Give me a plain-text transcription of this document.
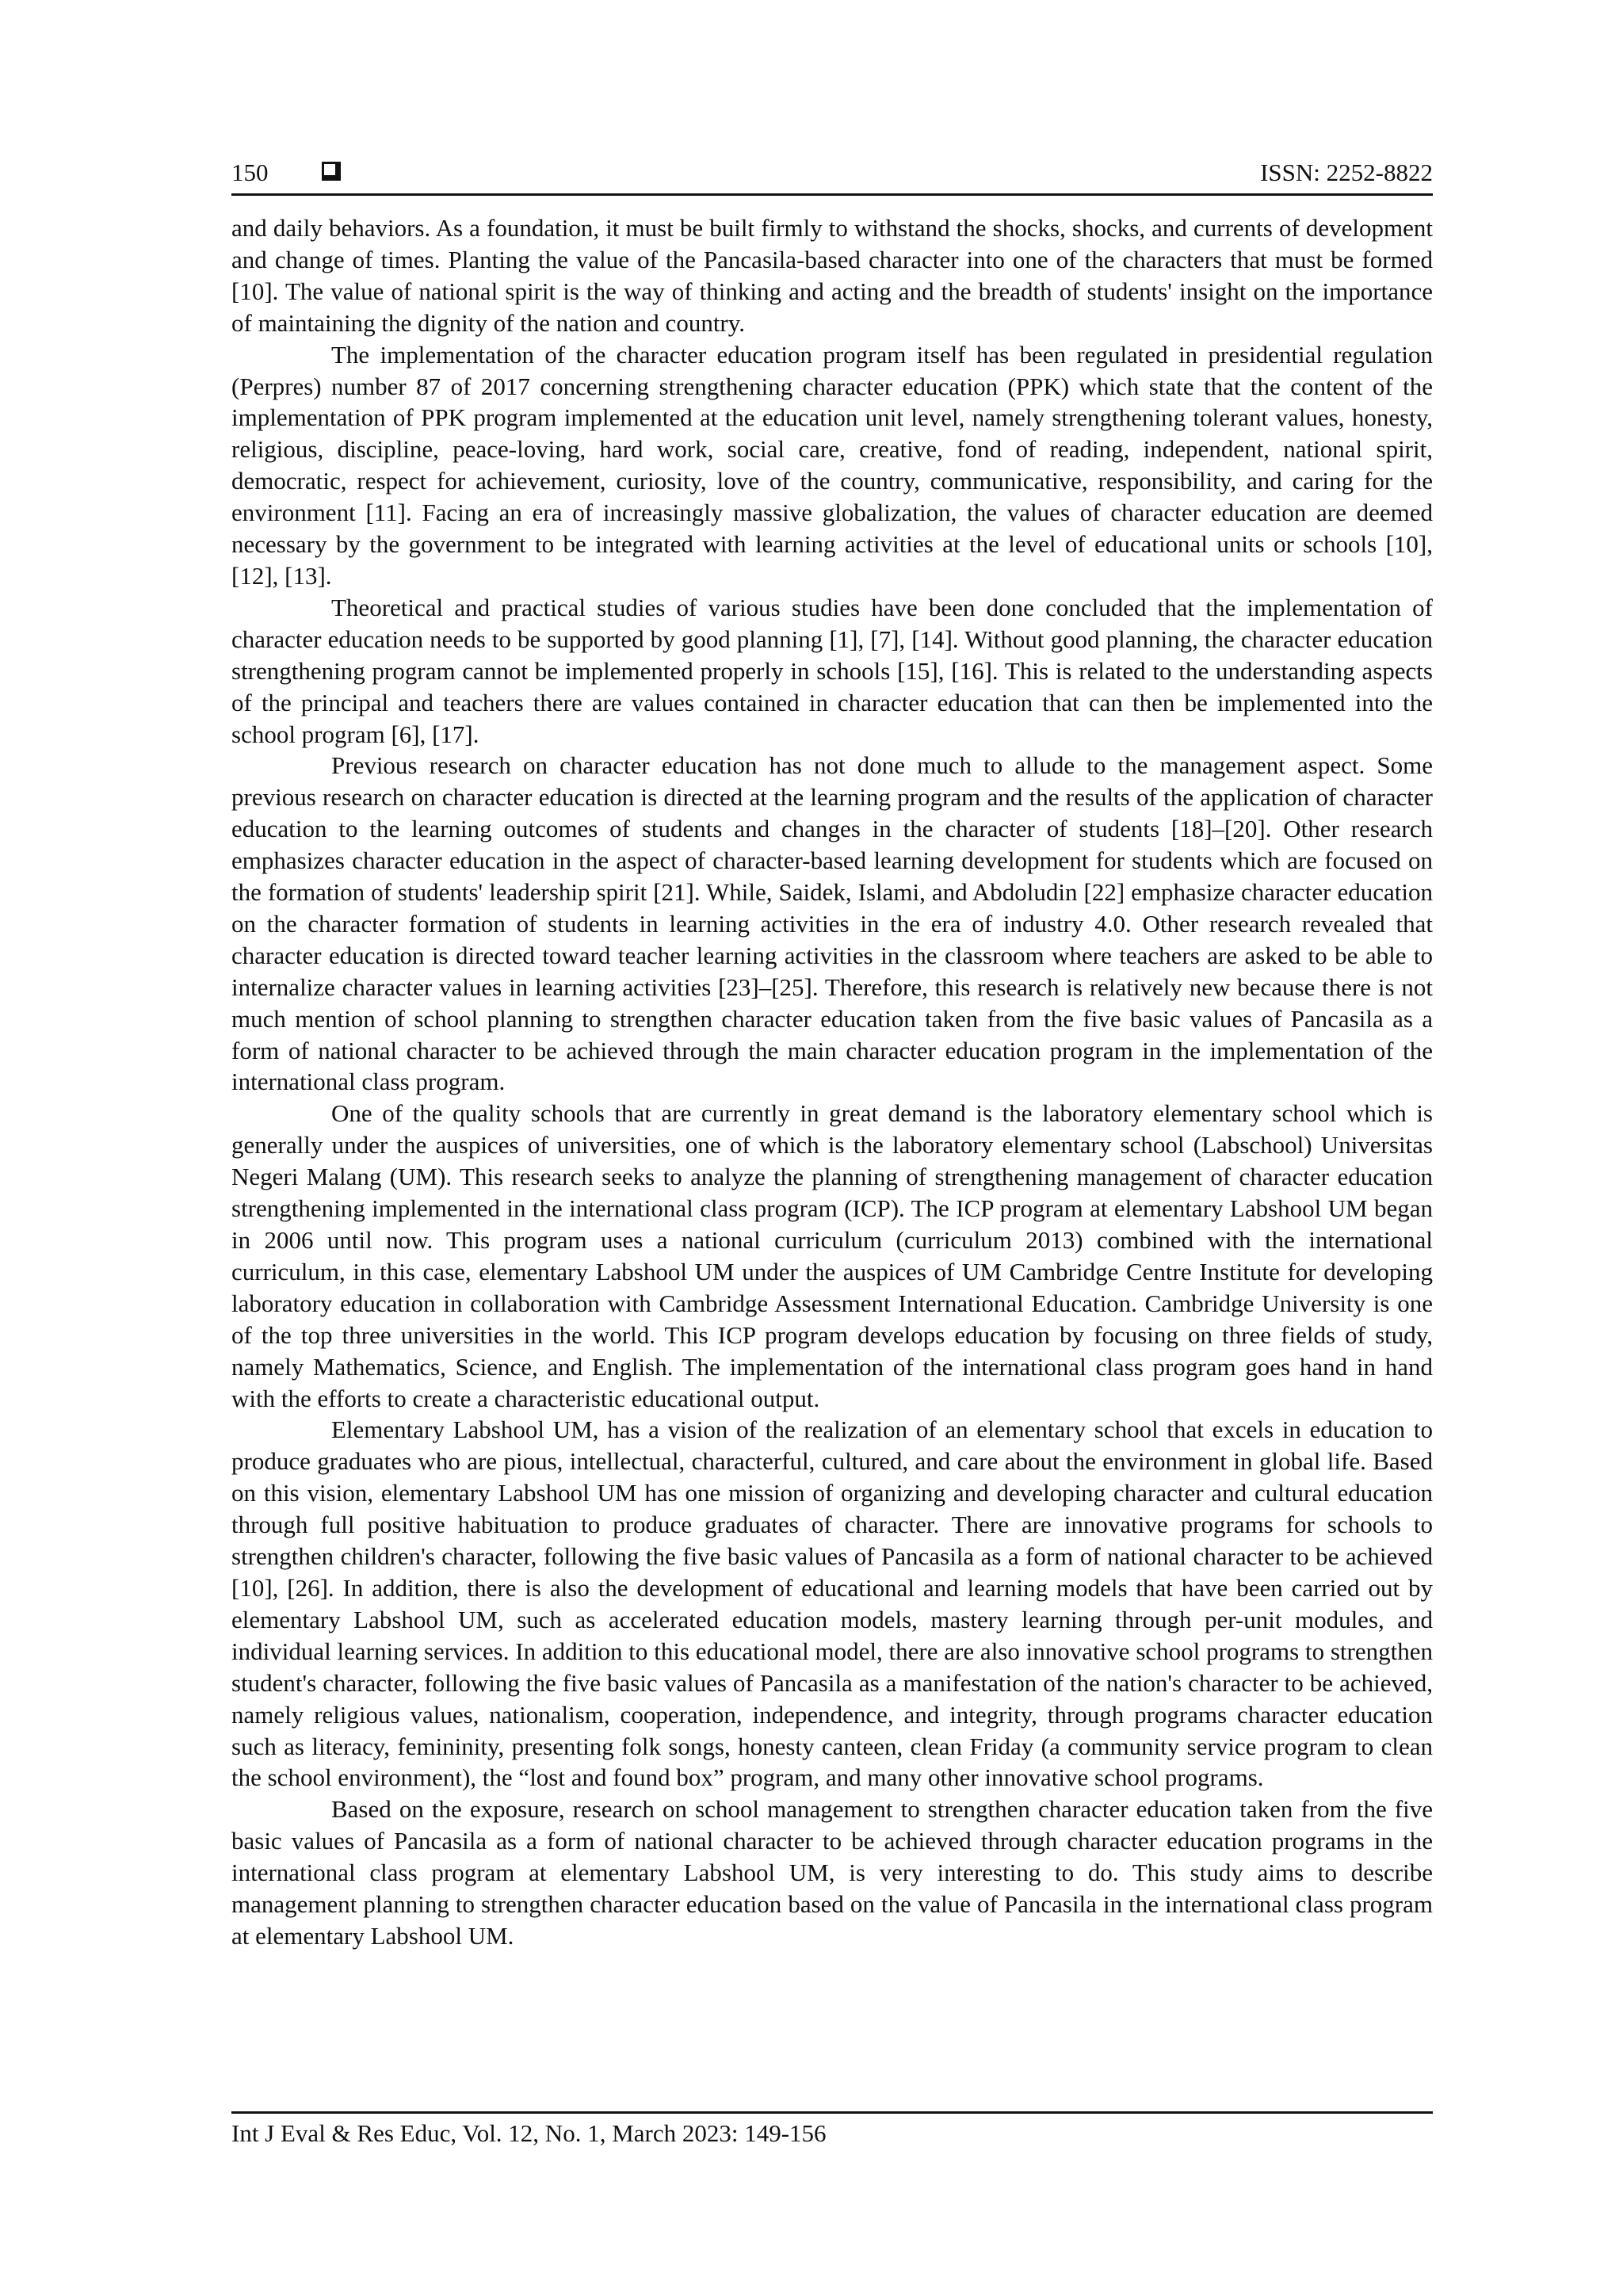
150	ISSN: 2252-8822

and daily behaviors. As a foundation, it must be built firmly to withstand the shocks, shocks, and currents of development and change of times. Planting the value of the Pancasila-based character into one of the characters that must be formed [10]. The value of national spirit is the way of thinking and acting and the breadth of students' insight on the importance of maintaining the dignity of the nation and country.

The implementation of the character education program itself has been regulated in presidential regulation (Perpres) number 87 of 2017 concerning strengthening character education (PPK) which state that the content of the implementation of PPK program implemented at the education unit level, namely strengthening tolerant values, honesty, religious, discipline, peace-loving, hard work, social care, creative, fond of reading, independent, national spirit, democratic, respect for achievement, curiosity, love of the country, communicative, responsibility, and caring for the environment [11]. Facing an era of increasingly massive globalization, the values of character education are deemed necessary by the government to be integrated with learning activities at the level of educational units or schools [10], [12], [13].

Theoretical and practical studies of various studies have been done concluded that the implementation of character education needs to be supported by good planning [1], [7], [14]. Without good planning, the character education strengthening program cannot be implemented properly in schools [15], [16]. This is related to the understanding aspects of the principal and teachers there are values contained in character education that can then be implemented into the school program [6], [17].

Previous research on character education has not done much to allude to the management aspect. Some previous research on character education is directed at the learning program and the results of the application of character education to the learning outcomes of students and changes in the character of students [18]–[20]. Other research emphasizes character education in the aspect of character-based learning development for students which are focused on the formation of students' leadership spirit [21]. While, Saidek, Islami, and Abdoludin [22] emphasize character education on the character formation of students in learning activities in the era of industry 4.0. Other research revealed that character education is directed toward teacher learning activities in the classroom where teachers are asked to be able to internalize character values in learning activities [23]–[25]. Therefore, this research is relatively new because there is not much mention of school planning to strengthen character education taken from the five basic values of Pancasila as a form of national character to be achieved through the main character education program in the implementation of the international class program.

One of the quality schools that are currently in great demand is the laboratory elementary school which is generally under the auspices of universities, one of which is the laboratory elementary school (Labschool) Universitas Negeri Malang (UM). This research seeks to analyze the planning of strengthening management of character education strengthening implemented in the international class program (ICP). The ICP program at elementary Labshool UM began in 2006 until now. This program uses a national curriculum (curriculum 2013) combined with the international curriculum, in this case, elementary Labshool UM under the auspices of UM Cambridge Centre Institute for developing laboratory education in collaboration with Cambridge Assessment International Education. Cambridge University is one of the top three universities in the world. This ICP program develops education by focusing on three fields of study, namely Mathematics, Science, and English. The implementation of the international class program goes hand in hand with the efforts to create a characteristic educational output.

Elementary Labshool UM, has a vision of the realization of an elementary school that excels in education to produce graduates who are pious, intellectual, characterful, cultured, and care about the environment in global life. Based on this vision, elementary Labshool UM has one mission of organizing and developing character and cultural education through full positive habituation to produce graduates of character. There are innovative programs for schools to strengthen children's character, following the five basic values of Pancasila as a form of national character to be achieved [10], [26]. In addition, there is also the development of educational and learning models that have been carried out by elementary Labshool UM, such as accelerated education models, mastery learning through per-unit modules, and individual learning services. In addition to this educational model, there are also innovative school programs to strengthen student's character, following the five basic values of Pancasila as a manifestation of the nation's character to be achieved, namely religious values, nationalism, cooperation, independence, and integrity, through programs character education such as literacy, femininity, presenting folk songs, honesty canteen, clean Friday (a community service program to clean the school environment), the “lost and found box” program, and many other innovative school programs.

Based on the exposure, research on school management to strengthen character education taken from the five basic values of Pancasila as a form of national character to be achieved through character education programs in the international class program at elementary Labshool UM, is very interesting to do. This study aims to describe management planning to strengthen character education based on the value of Pancasila in the international class program at elementary Labshool UM.

Int J Eval & Res Educ, Vol. 12, No. 1, March 2023: 149-156
